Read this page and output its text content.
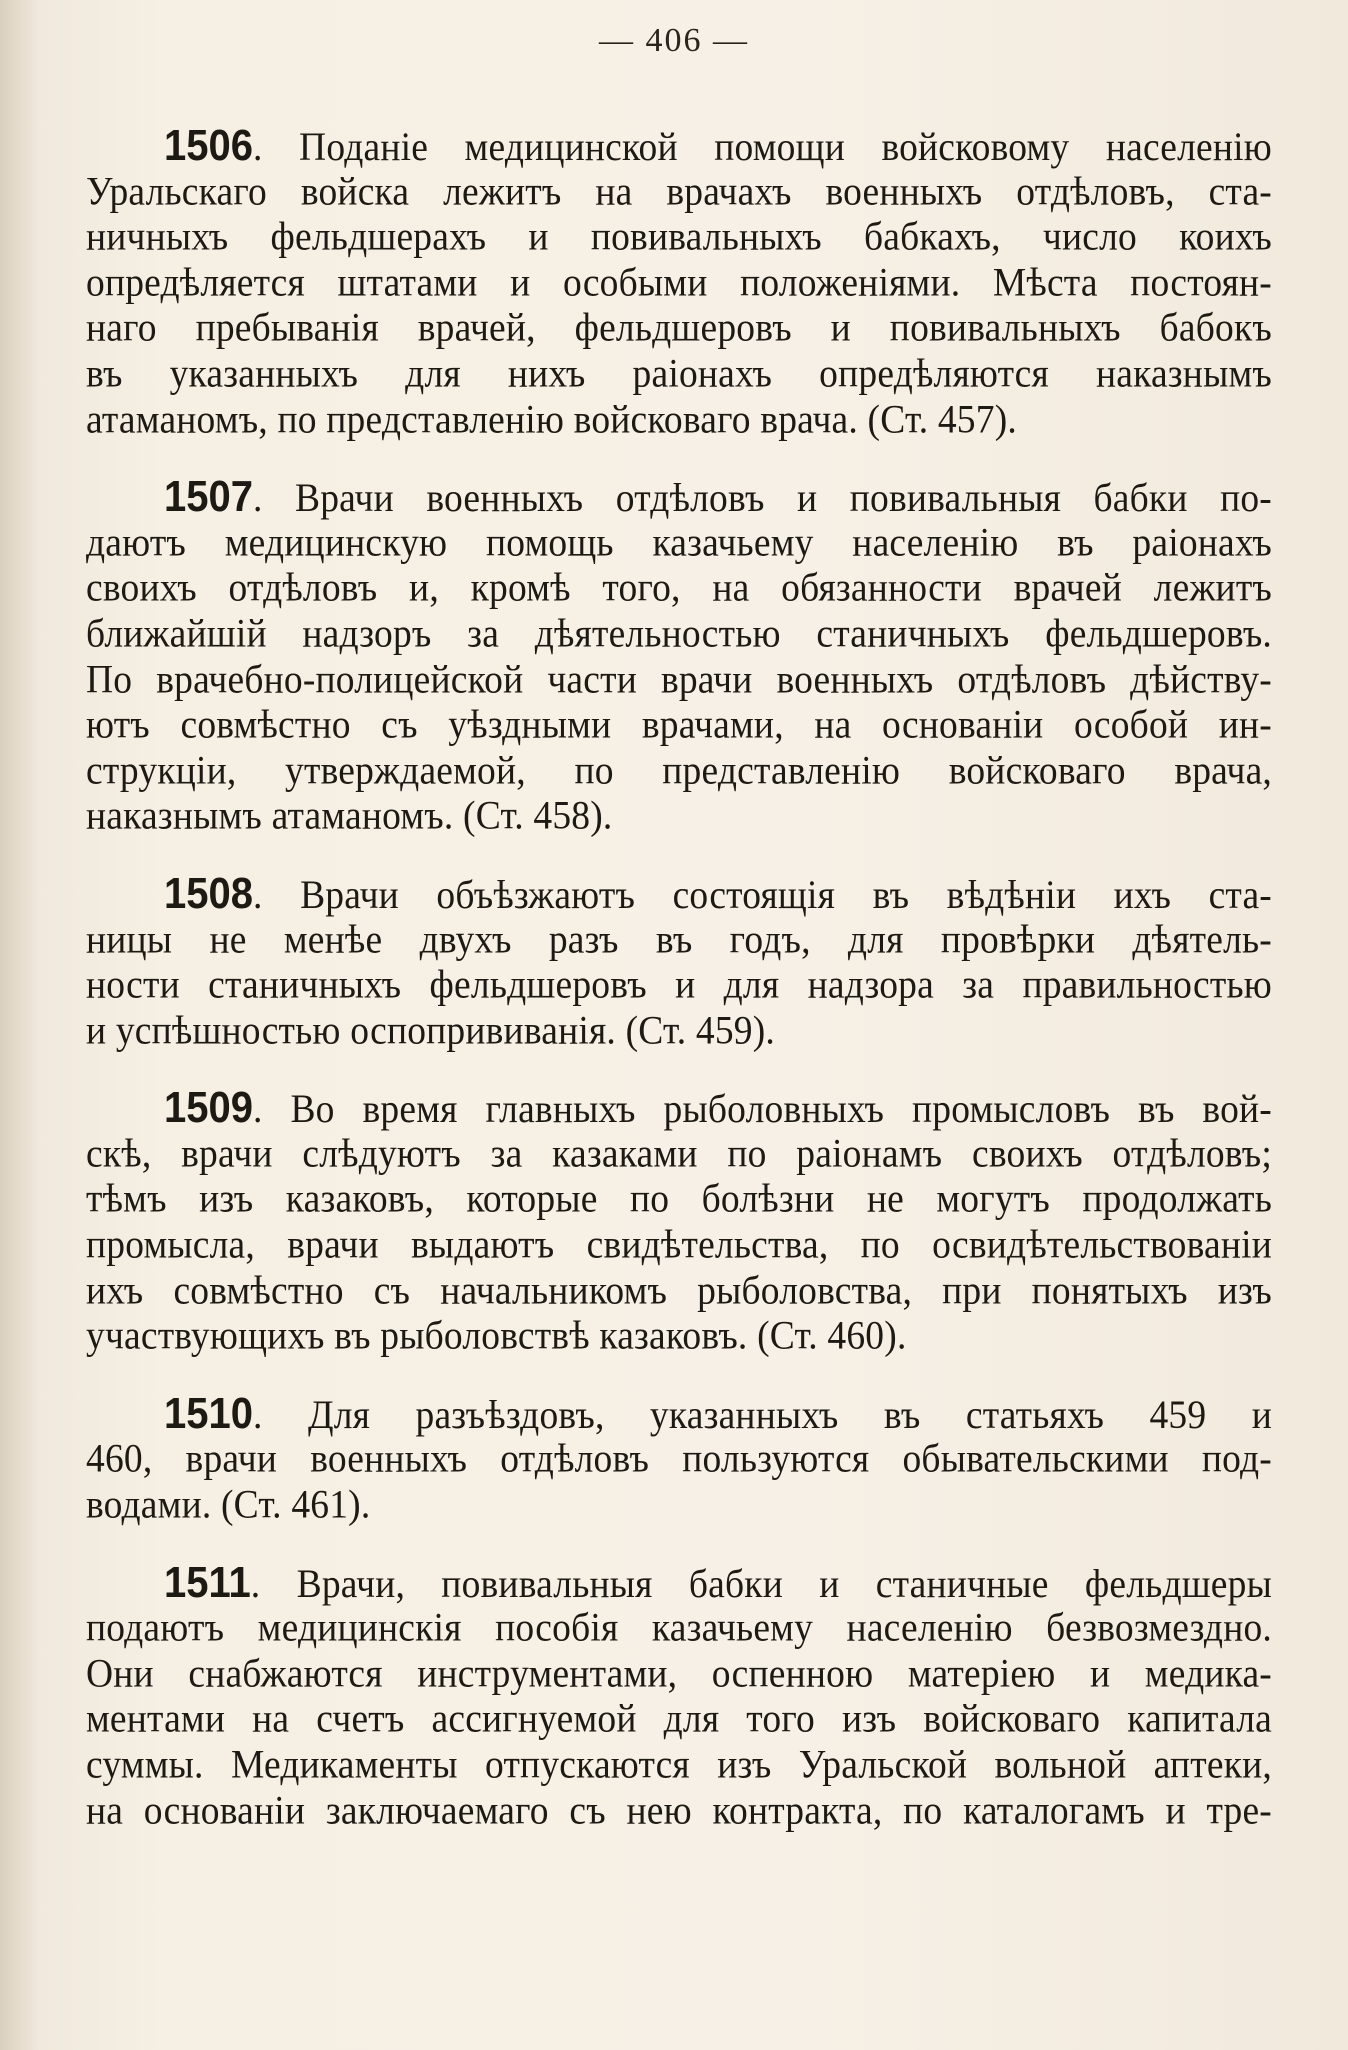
— 406 —
1506. Поданіе медицинской помощи войсковому населенію
Уральскаго войска лежитъ на врачахъ военныхъ отдѣловъ, ста-
ничныхъ фельдшерахъ и повивальныхъ бабкахъ, число коихъ
опредѣляется штатами и особыми положеніями. Мѣста постоян-
наго пребыванія врачей, фельдшеровъ и повивальныхъ бабокъ
въ указанныхъ для нихъ раіонахъ опредѣляются наказнымъ
атаманомъ, по представленію войсковаго врача. (Ст. 457).
1507. Врачи военныхъ отдѣловъ и повивальныя бабки по-
даютъ медицинскую помощь казачьему населенію въ раіонахъ
своихъ отдѣловъ и, кромѣ того, на обязанности врачей лежитъ
ближайшій надзоръ за дѣятельностью станичныхъ фельдшеровъ.
По врачебно-полицейской части врачи военныхъ отдѣловъ дѣйству-
ютъ совмѣстно съ уѣздными врачами, на основаніи особой ин-
струкціи, утверждаемой, по представленію войсковаго врача,
наказнымъ атаманомъ. (Ст. 458).
1508. Врачи объѣзжаютъ состоящія въ вѣдѣніи ихъ ста-
ницы не менѣе двухъ разъ въ годъ, для провѣрки дѣятель-
ности станичныхъ фельдшеровъ и для надзора за правильностью
и успѣшностью оспопрививанія. (Ст. 459).
1509. Во время главныхъ рыболовныхъ промысловъ въ вой-
скѣ, врачи слѣдуютъ за казаками по раіонамъ своихъ отдѣловъ;
тѣмъ изъ казаковъ, которые по болѣзни не могутъ продолжать
промысла, врачи выдаютъ свидѣтельства, по освидѣтельствованіи
ихъ совмѣстно съ начальникомъ рыболовства, при понятыхъ изъ
участвующихъ въ рыболовствѣ казаковъ. (Ст. 460).
1510. Для разъѣздовъ, указанныхъ въ статьяхъ 459 и
460, врачи военныхъ отдѣловъ пользуются обывательскими под-
водами. (Ст. 461).
1511. Врачи, повивальныя бабки и станичные фельдшеры
подаютъ медицинскія пособія казачьему населенію безвозмездно.
Они снабжаются инструментами, оспенною матеріею и медика-
ментами на счетъ ассигнуемой для того изъ войсковаго капитала
суммы. Медикаменты отпускаются изъ Уральской вольной аптеки,
на основаніи заключаемаго съ нею контракта, по каталогамъ и тре-
